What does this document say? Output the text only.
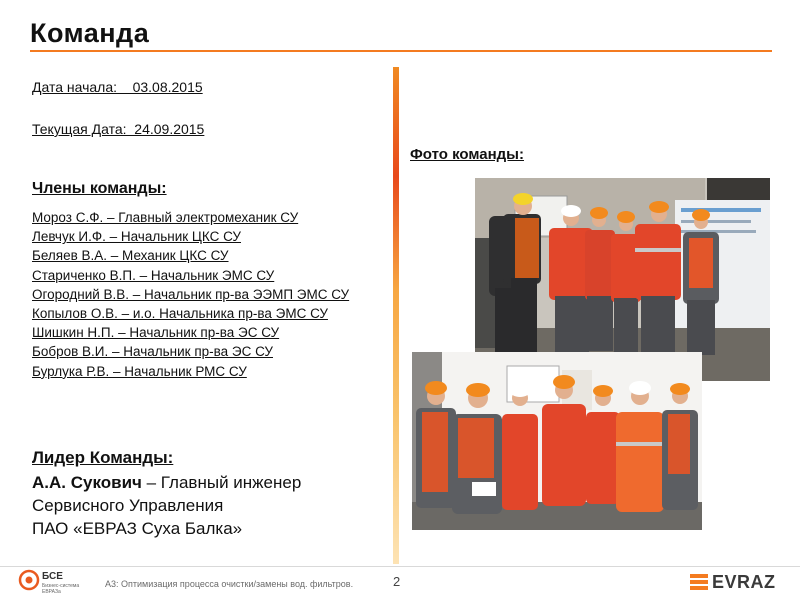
Команда
Дата начала:    03.08.2015
Текущая Дата:  24.09.2015
Члены команды:
Мороз С.Ф. – Главный электромеханик СУ
Левчук И.Ф. – Начальник ЦКС СУ
Беляев В.А. – Механик ЦКС СУ
Стариченко В.П. – Начальник ЭМС СУ
Огородний В.В. – Начальник пр-ва ЭЭМП ЭМС СУ
Копылов О.В. – и.о. Начальника пр-ва ЭМС СУ
Шишкин Н.П. – Начальник пр-ва ЭС СУ
Бобров В.И. – Начальник пр-ва ЭС СУ
Бурлука Р.В. – Начальник РМС СУ
Лидер Команды:
А.А. Сукович – Главный инженер
Сервисного Управления
ПАО «ЕВРАЗ Суха Балка»
Фото команды:
БСЕ
Бизнес-система
ЕВРАЗа
A3: Оптимизация процесса очистки/замены вод. фильтров.	2	EVRAZ
